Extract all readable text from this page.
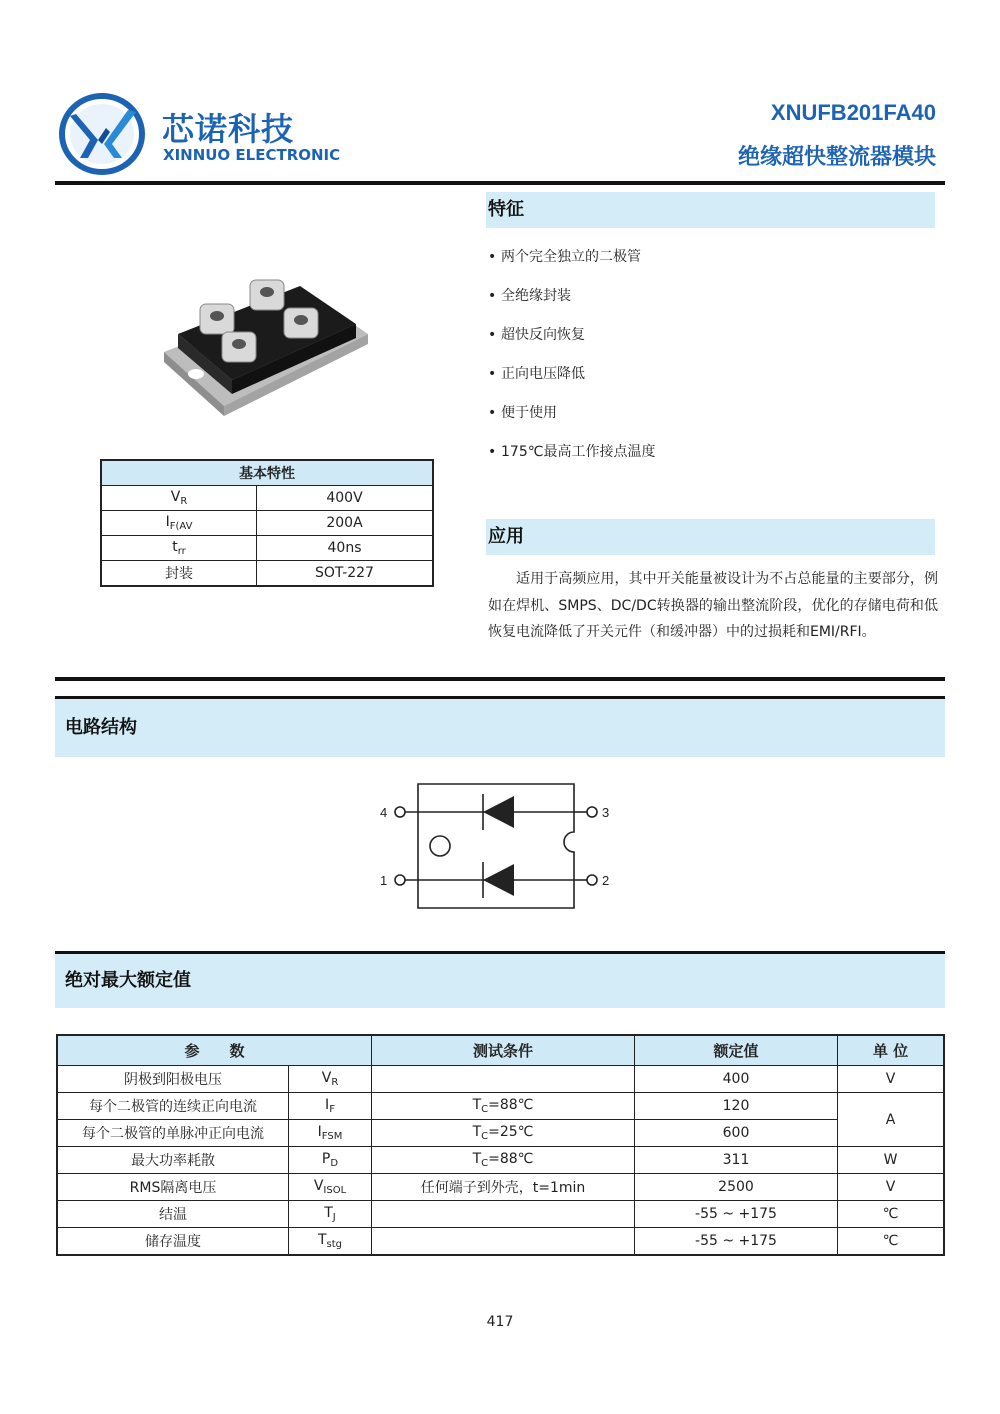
芯诺科技
XINNUO ELECTRONIC
XNUFB201FA40
绝缘超快整流器模块
基本特性	
$V_R$	400V
$I_{F(AV}$	200A
$t_{rr}$	40ns
封装	SOT-227
特征
• 两个完全独立的二极管
• 全绝缘封装
• 超快反向恢复
• 正向电压降低
• 便于使用
• 175℃最高工作接点温度
应用
适用于高频应用，其中开关能量被设计为不占总能量的主要部分，例如在焊机、SMPS、DC/DC转换器的输出整流阶段，优化的存储电荷和低恢复电流降低了开关元件（和缓冲器）中的过损耗和EMI/RFI。
电路结构
4	3
1	2
绝对最大额定值
参　　数		测试条件	额定值	单 位
阴极到阳极电压	$V_R$		400	V
每个二极管的连续正向电流	$I_F$	$T_C=88℃$	120	A
每个二极管的单脉冲正向电流	$I_{FSM}$	$T_C=25℃$	600	
最大功率耗散	$P_D$	$T_C=88℃$	311	W
RMS隔离电压	$V_{ISOL}$	任何端子到外壳，t=1min	2500	V
结温	$T_J$		-55 ~ +175	℃
储存温度	$T_{stg}$		-55 ~ +175	℃
417
